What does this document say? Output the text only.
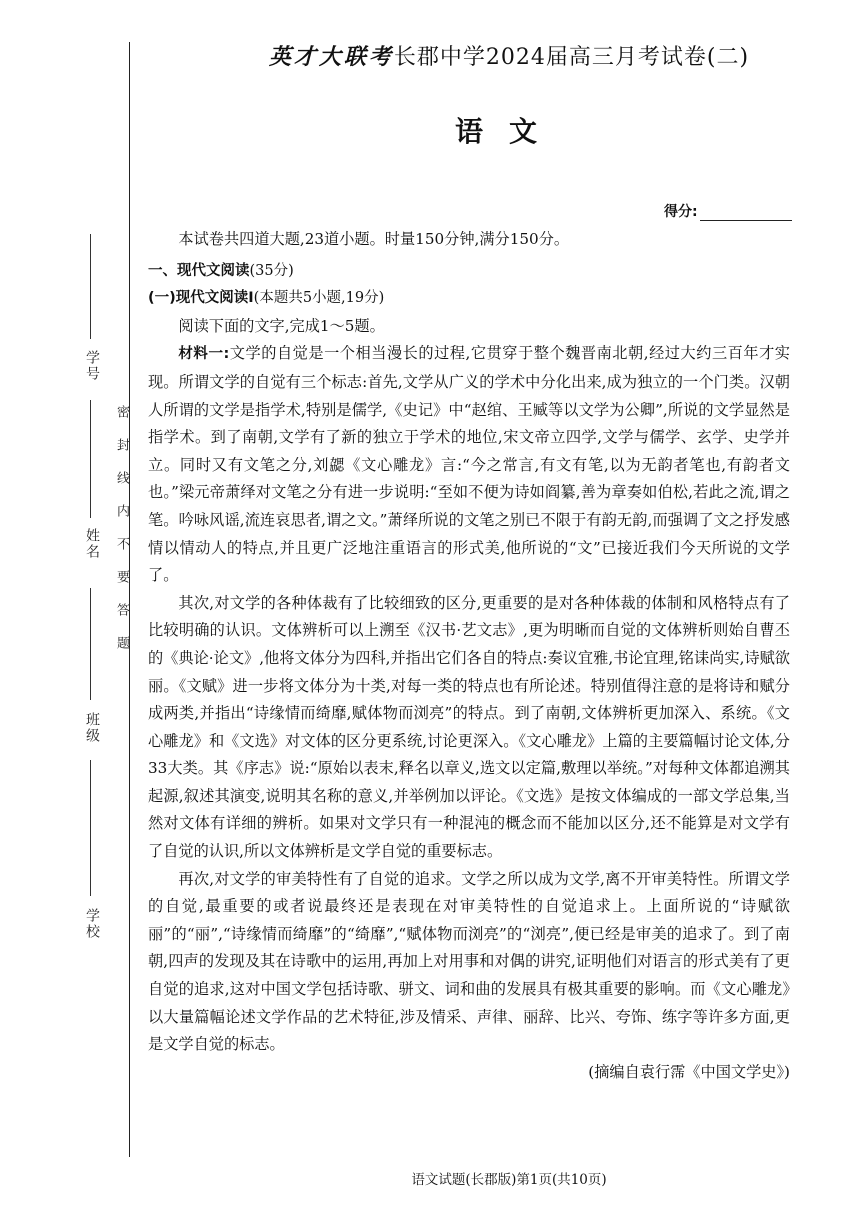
学号
姓名
班级
学校
密封线内不要答题
英才大联考长郡中学2024届高三月考试卷(二)
语文
得分:

本试卷共四道大题,23道小题。时量150分钟,满分150分。

一、现代文阅读(35分)

(一)现代文阅读Ⅰ(本题共5小题,19分)

阅读下面的文字,完成1～5题。

材料一:文学的自觉是一个相当漫长的过程,它贯穿于整个魏晋南北朝,经过大约三百年才实现。所谓文学的自觉有三个标志:首先,文学从广义的学术中分化出来,成为独立的一个门类。汉朝人所谓的文学是指学术,特别是儒学,《史记》中“赵绾、王臧等以文学为公卿”,所说的文学显然是指学术。到了南朝,文学有了新的独立于学术的地位,宋文帝立四学,文学与儒学、玄学、史学并立。同时又有文笔之分,刘勰《文心雕龙》言:“今之常言,有文有笔,以为无韵者笔也,有韵者文也。”梁元帝萧绎对文笔之分有进一步说明:“至如不便为诗如阎纂,善为章奏如伯松,若此之流,谓之笔。吟咏风谣,流连哀思者,谓之文。”萧绎所说的文笔之别已不限于有韵无韵,而强调了文之抒发感情以情动人的特点,并且更广泛地注重语言的形式美,他所说的“文”已接近我们今天所说的文学了。

其次,对文学的各种体裁有了比较细致的区分,更重要的是对各种体裁的体制和风格特点有了比较明确的认识。文体辨析可以上溯至《汉书·艺文志》,更为明晰而自觉的文体辨析则始自曹丕的《典论·论文》,他将文体分为四科,并指出它们各自的特点:奏议宜雅,书论宜理,铭诔尚实,诗赋欲丽。《文赋》进一步将文体分为十类,对每一类的特点也有所论述。特别值得注意的是将诗和赋分成两类,并指出“诗缘情而绮靡,赋体物而浏亮”的特点。到了南朝,文体辨析更加深入、系统。《文心雕龙》和《文选》对文体的区分更系统,讨论更深入。《文心雕龙》上篇的主要篇幅讨论文体,分33大类。其《序志》说:“原始以表末,释名以章义,选文以定篇,敷理以举统。”对每种文体都追溯其起源,叙述其演变,说明其名称的意义,并举例加以评论。《文选》是按文体编成的一部文学总集,当然对文体有详细的辨析。如果对文学只有一种混沌的概念而不能加以区分,还不能算是对文学有了自觉的认识,所以文体辨析是文学自觉的重要标志。

再次,对文学的审美特性有了自觉的追求。文学之所以成为文学,离不开审美特性。所谓文学的自觉,最重要的或者说最终还是表现在对审美特性的自觉追求上。上面所说的“诗赋欲丽”的“丽”,“诗缘情而绮靡”的“绮靡”,“赋体物而浏亮”的“浏亮”,便已经是审美的追求了。到了南朝,四声的发现及其在诗歌中的运用,再加上对用事和对偶的讲究,证明他们对语言的形式美有了更自觉的追求,这对中国文学包括诗歌、骈文、词和曲的发展具有极其重要的影响。而《文心雕龙》以大量篇幅论述文学作品的艺术特征,涉及情采、声律、丽辞、比兴、夸饰、练字等许多方面,更是文学自觉的标志。

(摘编自袁行霈《中国文学史》)

语文试题(长郡版)第1页(共10页)
